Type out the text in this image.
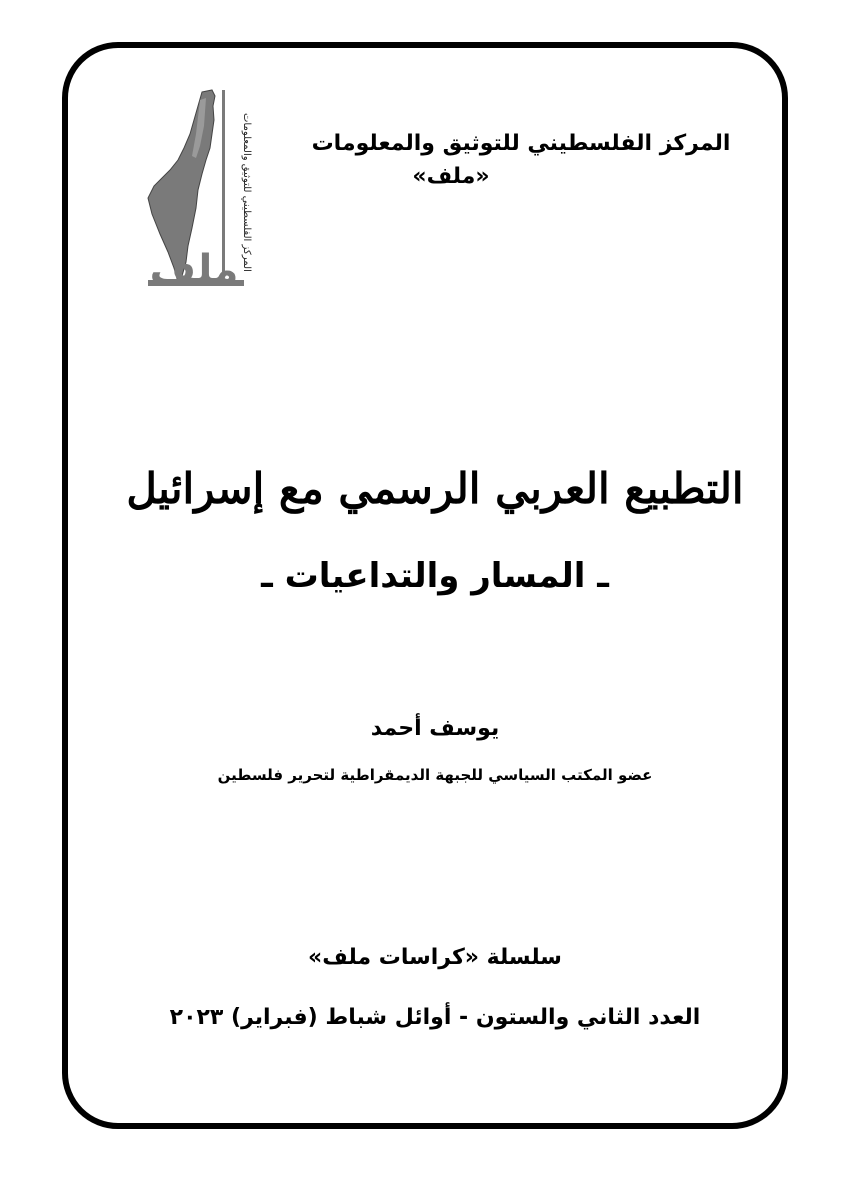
المركز الفلسطيني للتوثيق والمعلومات
ملف
المركز الفلسطيني للتوثيق والمعلومات
«ملف»
التطبيع العربي الرسمي مع إسرائيل
ـ المسار والتداعيات ـ
يوسف أحمد
عضو المكتب السياسي للجبهة الديمقراطية لتحرير فلسطين
سلسلة «كراسات ملف»
العدد الثاني والستون - أوائل شباط (فبراير) ٢٠٢٣
